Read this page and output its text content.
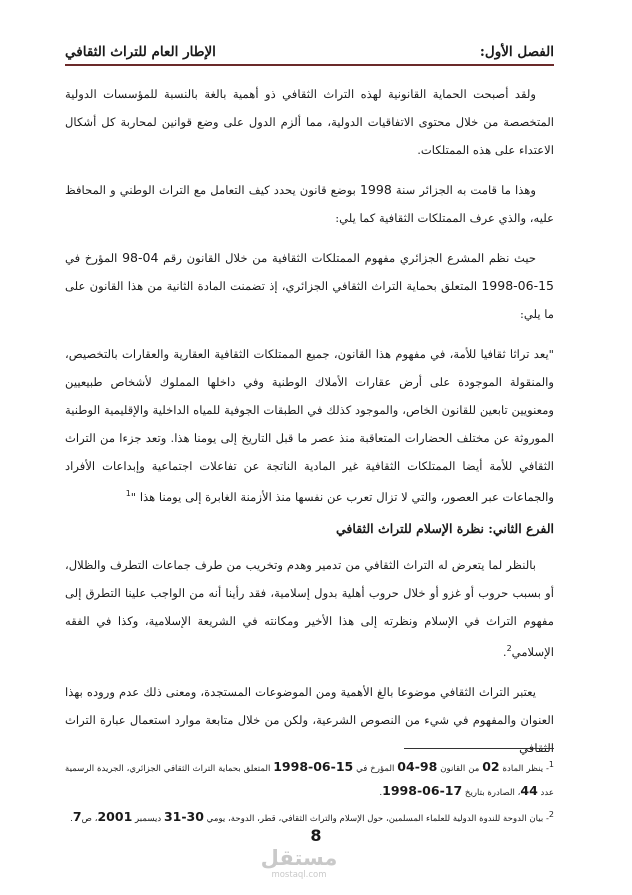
الفصل الأول:
الإطار العام للتراث الثقافي

ولقد أصبحت الحماية القانونية لهذه التراث الثقافي ذو أهمية بالغة بالنسبة للمؤسسات الدولية المتخصصة من خلال محتوى الاتفاقيات الدولية، مما ألزم الدول على وضع قوانين لمحاربة كل أشكال الاعتداء على هذه الممتلكات.

وهذا ما قامت به الجزائر سنة 1998 بوضع قانون يحدد كيف التعامل مع التراث الوطني و المحافظ عليه، والذي عرف الممتلكات الثقافية كما يلي:

حيث نظم المشرع الجزائري مفهوم الممتلكات الثقافية من خلال القانون رقم 04-98 المؤرخ في 15-06-1998 المتعلق بحماية التراث الثقافي الجزائري، إذ تضمنت المادة الثانية من هذا القانون على ما يلي:

"يعد تراثا ثقافيا للأمة، في مفهوم هذا القانون، جميع الممتلكات الثقافية العقارية والعقارات بالتخصيص، والمنقولة الموجودة على أرض عقارات الأملاك الوطنية وفي داخلها المملوك لأشخاص طبيعيين ومعنويين تابعين للقانون الخاص، والموجود كذلك في الطبقات الجوفية للمياه الداخلية والإقليمية الوطنية الموروثة عن مختلف الحضارات المتعاقبة منذ عصر ما قبل التاريخ إلى يومنا هذا. وتعد جزءا من التراث الثقافي للأمة أيضا الممتلكات الثقافية غير المادية الناتجة عن تفاعلات اجتماعية وإبداعات الأفراد والجماعات عبر العصور، والتي لا تزال تعرب عن نفسها منذ الأزمنة الغابرة إلى يومنا هذا "$^1$

الفرع الثاني: نظرة الإسلام للتراث الثقافي

بالنظر لما يتعرض له التراث الثقافي من تدمير وهدم وتخريب من طرف جماعات التطرف والظلال، أو بسبب حروب أو غزو أو خلال حروب أهلية بدول إسلامية، فقد رأينا أنه من الواجب علينا التطرق إلى مفهوم التراث في الإسلام ونظرته إلى هذا الأخير ومكانته في الشريعة الإسلامية، وكذا في الفقه الإسلامي$^2$.

يعتبر التراث الثقافي موضوعا بالغ الأهمية ومن الموضوعات المستجدة، ومعنى ذلك عدم وروده بهذا العنوان والمفهوم في شيء من النصوص الشرعية، ولكن من خلال متابعة موارد استعمال عبارة التراث الثقافي

$^1$- ينظر المادة 02 من القانون 98-04 المؤرخ في 15-06-1998 المتعلق بحماية التراث الثقافي الجزائري، الجريدة الرسمية عدد 44، الصادرة بتاريخ 17-06-1998.

$^2$- بيان الدوحة للندوة الدولية للعلماء المسلمين، حول الإسلام والتراث الثقافي، قطر، الدوحة، يومي 30-31 ديسمبر 2001، ص7.

8
مستقل
mostaql.com
